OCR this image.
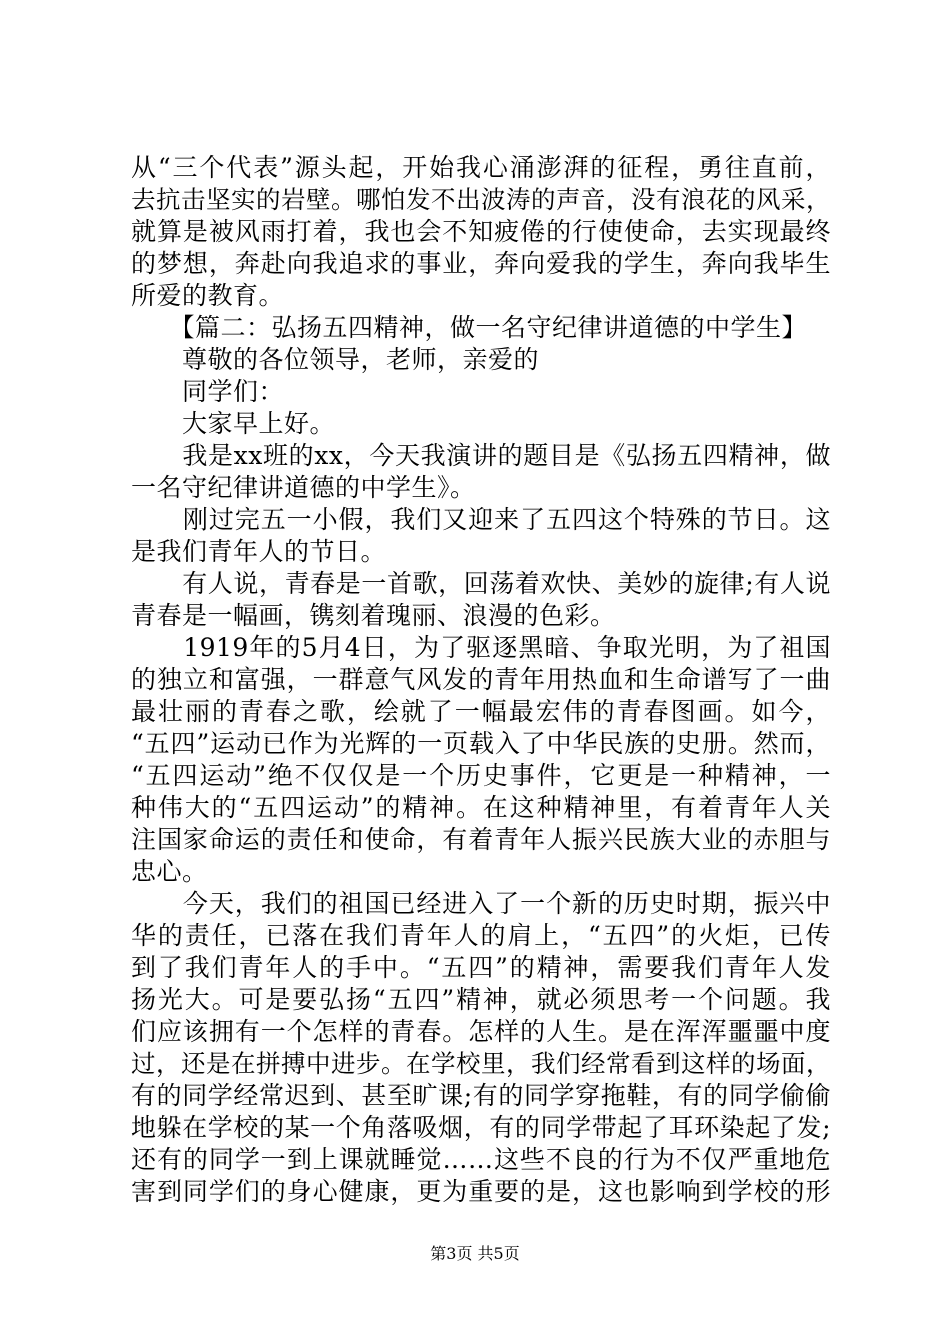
从“三个代表”源头起，开始我心涌澎湃的征程，勇往直前，
去抗击坚实的岩壁。哪怕发不出波涛的声音，没有浪花的风采，
就算是被风雨打着，我也会不知疲倦的行使使命，去实现最终
的梦想，奔赴向我追求的事业，奔向爱我的学生，奔向我毕生
所爱的教育。
　　【篇二：弘扬五四精神，做一名守纪律讲道德的中学生】
　　尊敬的各位领导，老师，亲爱的
　　同学们：
　　大家早上好。
　　我是xx班的xx，今天我演讲的题目是《弘扬五四精神，做
一名守纪律讲道德的中学生》。
　　刚过完五一小假，我们又迎来了五四这个特殊的节日。这
是我们青年人的节日。
　　有人说，青春是一首歌，回荡着欢快、美妙的旋律;有人说
青春是一幅画，镌刻着瑰丽、浪漫的色彩。
　　1919年的5月4日，为了驱逐黑暗、争取光明，为了祖国
的独立和富强，一群意气风发的青年用热血和生命谱写了一曲
最壮丽的青春之歌，绘就了一幅最宏伟的青春图画。如今，
“五四”运动已作为光辉的一页载入了中华民族的史册。然而，
“五四运动”绝不仅仅是一个历史事件，它更是一种精神，一
种伟大的“五四运动”的精神。在这种精神里，有着青年人关
注国家命运的责任和使命，有着青年人振兴民族大业的赤胆与
忠心。
　　今天，我们的祖国已经进入了一个新的历史时期，振兴中
华的责任，已落在我们青年人的肩上，“五四”的火炬，已传
到了我们青年人的手中。“五四”的精神，需要我们青年人发
扬光大。可是要弘扬“五四”精神，就必须思考一个问题。我
们应该拥有一个怎样的青春。怎样的人生。是在浑浑噩噩中度
过，还是在拼搏中进步。在学校里，我们经常看到这样的场面，
有的同学经常迟到、甚至旷课;有的同学穿拖鞋，有的同学偷偷
地躲在学校的某一个角落吸烟，有的同学带起了耳环染起了发;
还有的同学一到上课就睡觉……这些不良的行为不仅严重地危
害到同学们的身心健康，更为重要的是，这也影响到学校的形
第3页 共5页
